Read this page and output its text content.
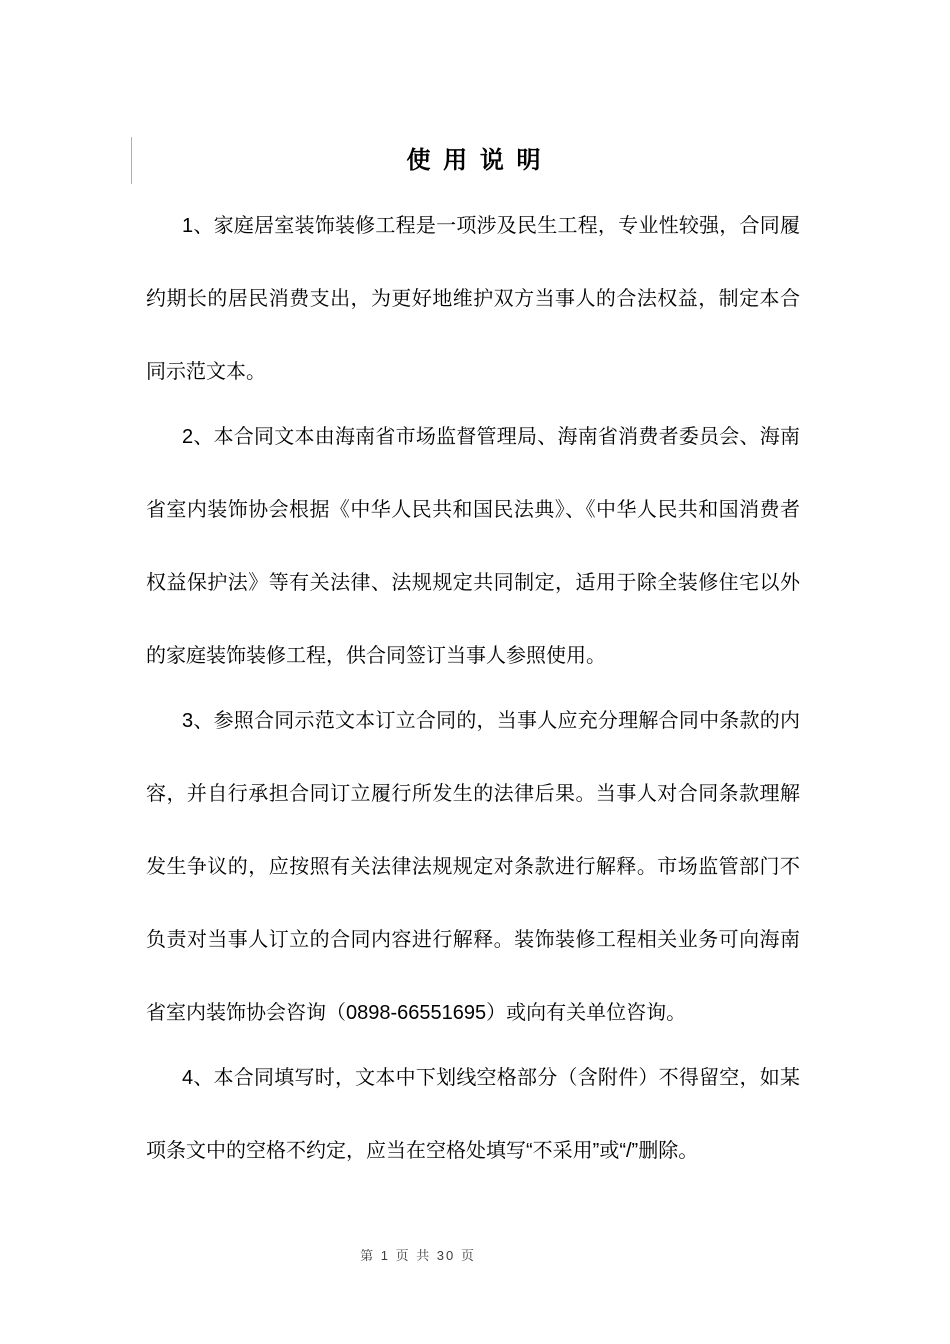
使 用 说 明

1、家庭居室装饰装修工程是一项涉及民生工程，专业性较强，合同履约期长的居民消费支出，为更好地维护双方当事人的合法权益，制定本合同示范文本。

2、本合同文本由海南省市场监督管理局、海南省消费者委员会、海南省室内装饰协会根据《中华人民共和国民法典》、《中华人民共和国消费者权益保护法》等有关法律、法规规定共同制定，适用于除全装修住宅以外的家庭装饰装修工程，供合同签订当事人参照使用。

3、参照合同示范文本订立合同的，当事人应充分理解合同中条款的内容，并自行承担合同订立履行所发生的法律后果。当事人对合同条款理解发生争议的，应按照有关法律法规规定对条款进行解释。市场监管部门不负责对当事人订立的合同内容进行解释。装饰装修工程相关业务可向海南省室内装饰协会咨询（0898-66551695）或向有关单位咨询。

4、本合同填写时，文本中下划线空格部分（含附件）不得留空，如某项条文中的空格不约定，应当在空格处填写“不采用”或“/”删除。

第 1 页 共 30 页
